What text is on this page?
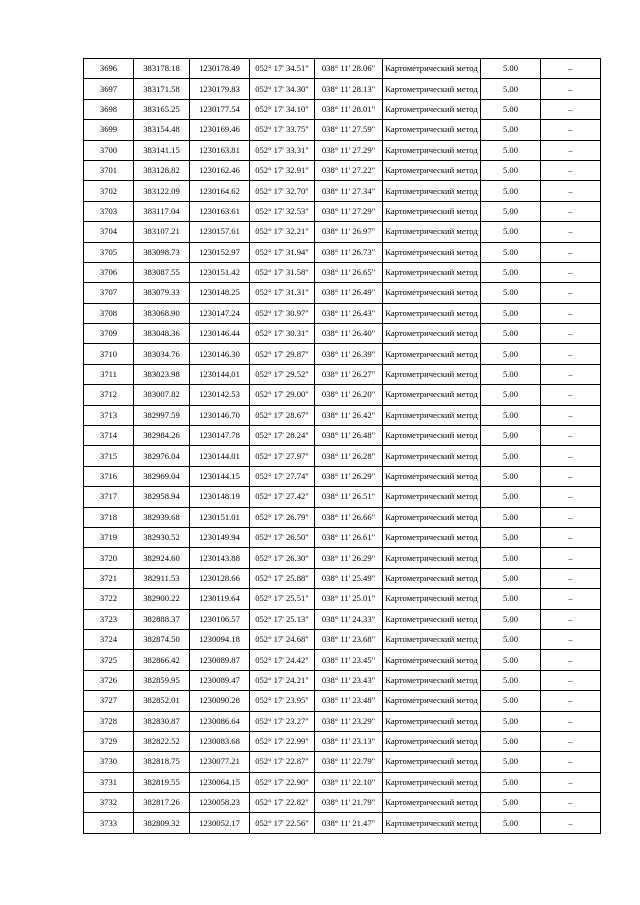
3696	383178.18	1230178.49	052° 17' 34.51"	038° 11' 28.06"	Картометрический метод	5.00	–
3697	383171.58	1230179.83	052° 17' 34.30"	038° 11' 28.13"	Картометрический метод	5.00	–
3698	383165.25	1230177.54	052° 17' 34.10"	038° 11' 28.01"	Картометрический метод	5.00	–
3699	383154.48	1230169.46	052° 17' 33.75"	038° 11' 27.59"	Картометрический метод	5.00	–
3700	383141.15	1230163.81	052° 17' 33.31"	038° 11' 27.29"	Картометрический метод	5.00	–
3701	383128.82	1230162.46	052° 17' 32.91"	038° 11' 27.22"	Картометрический метод	5.00	–
3702	383122.09	1230164.62	052° 17' 32.70"	038° 11' 27.34"	Картометрический метод	5.00	–
3703	383117.04	1230163.61	052° 17' 32.53"	038° 11' 27.29"	Картометрический метод	5.00	–
3704	383107.21	1230157.61	052° 17' 32.21"	038° 11' 26.97"	Картометрический метод	5.00	–
3705	383098.73	1230152.97	052° 17' 31.94"	038° 11' 26.73"	Картометрический метод	5.00	–
3706	383087.55	1230151.42	052° 17' 31.58"	038° 11' 26.65"	Картометрический метод	5.00	–
3707	383079.33	1230148.25	052° 17' 31.31"	038° 11' 26.49"	Картометрический метод	5.00	–
3708	383068.90	1230147.24	052° 17' 30.97"	038° 11' 26.43"	Картометрический метод	5.00	–
3709	383048.36	1230146.44	052° 17' 30.31"	038° 11' 26.40"	Картометрический метод	5.00	–
3710	383034.76	1230146.30	052° 17' 29.87"	038° 11' 26.39"	Картометрический метод	5.00	–
3711	383023.98	1230144.01	052° 17' 29.52"	038° 11' 26.27"	Картометрический метод	5.00	–
3712	383007.82	1230142.53	052° 17' 29.00"	038° 11' 26.20"	Картометрический метод	5.00	–
3713	382997.59	1230146.70	052° 17' 28.67"	038° 11' 26.42"	Картометрический метод	5.00	–
3714	382984.26	1230147.78	052° 17' 28.24"	038° 11' 26.48"	Картометрический метод	5.00	–
3715	382976.04	1230144.01	052° 17' 27.97"	038° 11' 26.28"	Картометрический метод	5.00	–
3716	382969.04	1230144.15	052° 17' 27.74"	038° 11' 26.29"	Картометрический метод	5.00	–
3717	382958.94	1230148.19	052° 17' 27.42"	038° 11' 26.51"	Картометрический метод	5.00	–
3718	382939.68	1230151.01	052° 17' 26.79"	038° 11' 26.66"	Картометрический метод	5.00	–
3719	382930.52	1230149.94	052° 17' 26.50"	038° 11' 26.61"	Картометрический метод	5.00	–
3720	382924.60	1230143.88	052° 17' 26.30"	038° 11' 26.29"	Картометрический метод	5.00	–
3721	382911.53	1230128.66	052° 17' 25.88"	038° 11' 25.49"	Картометрический метод	5.00	–
3722	382900.22	1230119.64	052° 17' 25.51"	038° 11' 25.01"	Картометрический метод	5.00	–
3723	382888.37	1230106.57	052° 17' 25.13"	038° 11' 24.33"	Картометрический метод	5.00	–
3724	382874.50	1230094.18	052° 17' 24.68"	038° 11' 23.68"	Картометрический метод	5.00	–
3725	382866.42	1230089.87	052° 17' 24.42"	038° 11' 23.45"	Картометрический метод	5.00	–
3726	382859.95	1230089.47	052° 17' 24.21"	038° 11' 23.43"	Картометрический метод	5.00	–
3727	382852.01	1230090.28	052° 17' 23.95"	038° 11' 23.48"	Картометрический метод	5.00	–
3728	382830.87	1230086.64	052° 17' 23.27"	038° 11' 23.29"	Картометрический метод	5.00	–
3729	382822.52	1230083.68	052° 17' 22.99"	038° 11' 23.13"	Картометрический метод	5.00	–
3730	382818.75	1230077.21	052° 17' 22.87"	038° 11' 22.79"	Картометрический метод	5.00	–
3731	382819.55	1230064.15	052° 17' 22.90"	038° 11' 22.10"	Картометрический метод	5.00	–
3732	382817.26	1230058.23	052° 17' 22.82"	038° 11' 21.79"	Картометрический метод	5.00	–
3733	382809.32	1230052.17	052° 17' 22.56"	038° 11' 21.47"	Картометрический метод	5.00	–
